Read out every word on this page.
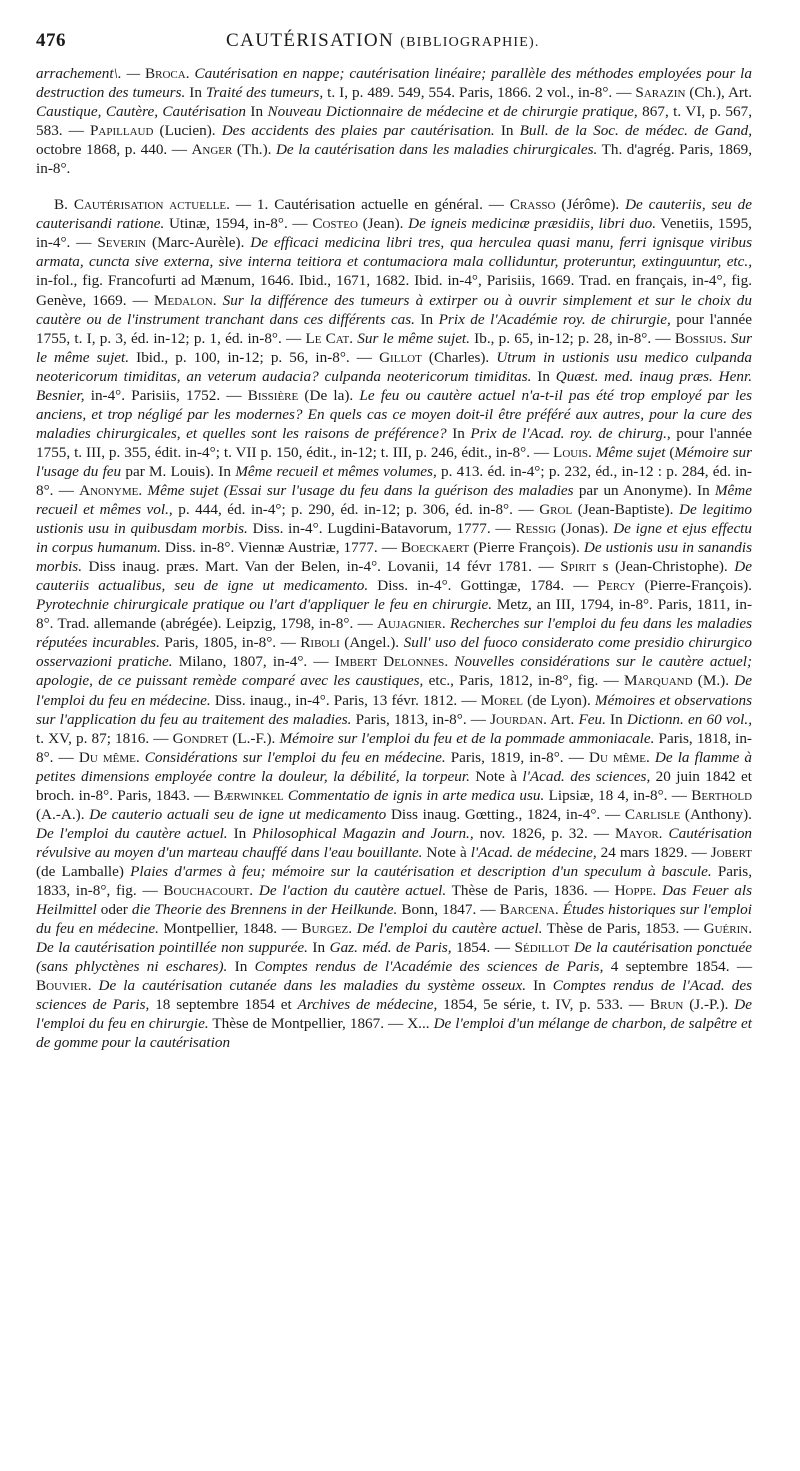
476	CAUTÉRISATION (BIBLIOGRAPHIE).

arrachement\. — Broca. Cautérisation en nappe; cautérisation linéaire; parallèle des méthodes employées pour la destruction des tumeurs. In Traité des tumeurs, t. I, p. 489. 549, 554. Paris, 1866. 2 vol., in-8°. — Sarazin (Ch.), Art. Caustique, Cautère, Cautérisation In Nouveau Dictionnaire de médecine et de chirurgie pratique, 867, t. VI, p. 567, 583. — Papillaud (Lucien). Des accidents des plaies par cautérisation. In Bull. de la Soc. de médec. de Gand, octobre 1868, p. 440. — Anger (Th.). De la cautérisation dans les maladies chirurgicales. Th. d'agrég. Paris, 1869, in-8°.

B. Cautérisation actuelle. — 1. Cautérisation actuelle en général. — Crasso (Jérôme). De cauteriis, seu de cauterisandi ratione. Utinæ, 1594, in-8°. — Costeo (Jean). De igneis medicinæ præsidiis, libri duo. Venetiis, 1595, in-4°. — Severin (Marc-Aurèle). De efficaci medicina libri tres, qua herculea quasi manu, ferri ignisque viribus armata, cuncta sive externa, sive interna teitiora et contumaciora mala colliduntur, proteruntur, extinguuntur, etc., in-fol., fig. Francofurti ad Mænum, 1646. Ibid., 1671, 1682. Ibid. in-4°, Parisiis, 1669. Trad. en français, in-4°, fig. Genève, 1669. — Medalon. Sur la différence des tumeurs à extirper ou à ouvrir simplement et sur le choix du cautère ou de l'instrument tranchant dans ces différents cas. In Prix de l'Académie roy. de chirurgie, pour l'année 1755, t. I, p. 3, éd. in-12; p. 1, éd. in-8°. — Le Cat. Sur le même sujet. Ib., p. 65, in-12; p. 28, in-8°. — Bossius. Sur le même sujet. Ibid., p. 100, in-12; p. 56, in-8°. — Gillot (Charles). Utrum in ustionis usu medico culpanda neotericorum timiditas, an veterum audacia? culpanda neotericorum timiditas. In Quæst. med. inaug præs. Henr. Besnier, in-4°. Parisiis, 1752. — Bissière (De la). Le feu ou cautère actuel n'a-t-il pas été trop employé par les anciens, et trop négligé par les modernes? En quels cas ce moyen doit-il être préféré aux autres, pour la cure des maladies chirurgicales, et quelles sont les raisons de préférence? In Prix de l'Acad. roy. de chirurg., pour l'année 1755, t. III, p. 355, édit. in-4°; t. VII p. 150, édit., in-12; t. III, p. 246, édit., in-8°. — Louis. Même sujet (Mémoire sur l'usage du feu par M. Louis). In Même recueil et mêmes volumes, p. 413. éd. in-4°; p. 232, éd., in-12 : p. 284, éd. in-8°. — Anonyme. Même sujet (Essai sur l'usage du feu dans la guérison des maladies par un Anonyme). In Même recueil et mêmes vol., p. 444, éd. in-4°; p. 290, éd. in-12; p. 306, éd. in-8°. — Grol (Jean-Baptiste). De legitimo ustionis usu in quibusdam morbis. Diss. in-4°. Lugdini-Batavorum, 1777. — Ressig (Jonas). De igne et ejus effectu in corpus humanum. Diss. in-8°. Viennæ Austriæ, 1777. — Boeckaert (Pierre François). De ustionis usu in sanandis morbis. Diss inaug. præs. Mart. Van der Belen, in-4°. Lovanii, 14 févr 1781. — Spirit s (Jean-Christophe). De cauteriis actualibus, seu de igne ut medicamento. Diss. in-4°. Gottingæ, 1784. — Percy (Pierre-François). Pyrotechnie chirurgicale pratique ou l'art d'appliquer le feu en chirurgie. Metz, an III, 1794, in-8°. Paris, 1811, in-8°. Trad. allemande (abrégée). Leipzig, 1798, in-8°. — Aujagnier. Recherches sur l'emploi du feu dans les maladies réputées incurables. Paris, 1805, in-8°. — Riboli (Angel.). Sull' uso del fuoco considerato come presidio chirurgico osservazioni pratiche. Milano, 1807, in-4°. — Imbert Delonnes. Nouvelles considérations sur le cautère actuel; apologie, de ce puissant remède comparé avec les caustiques, etc., Paris, 1812, in-8°, fig. — Marquand (M.). De l'emploi du feu en médecine. Diss. inaug., in-4°. Paris, 13 févr. 1812. — Morel (de Lyon). Mémoires et observations sur l'application du feu au traitement des maladies. Paris, 1813, in-8°. — Jourdan. Art. Feu. In Dictionn. en 60 vol., t. XV, p. 87; 1816. — Gondret (L.-F.). Mémoire sur l'emploi du feu et de la pommade ammoniacale. Paris, 1818, in-8°. — Du même. Considérations sur l'emploi du feu en médecine. Paris, 1819, in-8°. — Du même. De la flamme à petites dimensions employée contre la douleur, la débilité, la torpeur. Note à l'Acad. des sciences, 20 juin 1842 et broch. in-8°. Paris, 1843. — Bærwinkel Commentatio de ignis in arte medica usu. Lipsiæ, 18 4, in-8°. — Berthold (A.-A.). De cauterio actuali seu de igne ut medicamento Diss inaug. Gœtting., 1824, in-4°. — Carlisle (Anthony). De l'emploi du cautère actuel. In Philosophical Magazin and Journ., nov. 1826, p. 32. — Mayor. Cautérisation révulsive au moyen d'un marteau chauffé dans l'eau bouillante. Note à l'Acad. de médecine, 24 mars 1829. — Jobert (de Lamballe) Plaies d'armes à feu; mémoire sur la cautérisation et description d'un speculum à bascule. Paris, 1833, in-8°, fig. — Bouchacourt. De l'action du cautère actuel. Thèse de Paris, 1836. — Hoppe. Das Feuer als Heilmittel oder die Theorie des Brennens in der Heilkunde. Bonn, 1847. — Barcena. Études historiques sur l'emploi du feu en médecine. Montpellier, 1848. — Burgez. De l'emploi du cautère actuel. Thèse de Paris, 1853. — Guérin. De la cautérisation pointillée non suppurée. In Gaz. méd. de Paris, 1854. — Sédillot De la cautérisation ponctuée (sans phlyctènes ni eschares). In Comptes rendus de l'Académie des sciences de Paris, 4 septembre 1854. — Bouvier. De la cautérisation cutanée dans les maladies du système osseux. In Comptes rendus de l'Acad. des sciences de Paris, 18 septembre 1854 et Archives de médecine, 1854, 5e série, t. IV, p. 533. — Brun (J.-P.). De l'emploi du feu en chirurgie. Thèse de Montpellier, 1867. — X... De l'emploi d'un mélange de charbon, de salpêtre et de gomme pour la cautérisation
